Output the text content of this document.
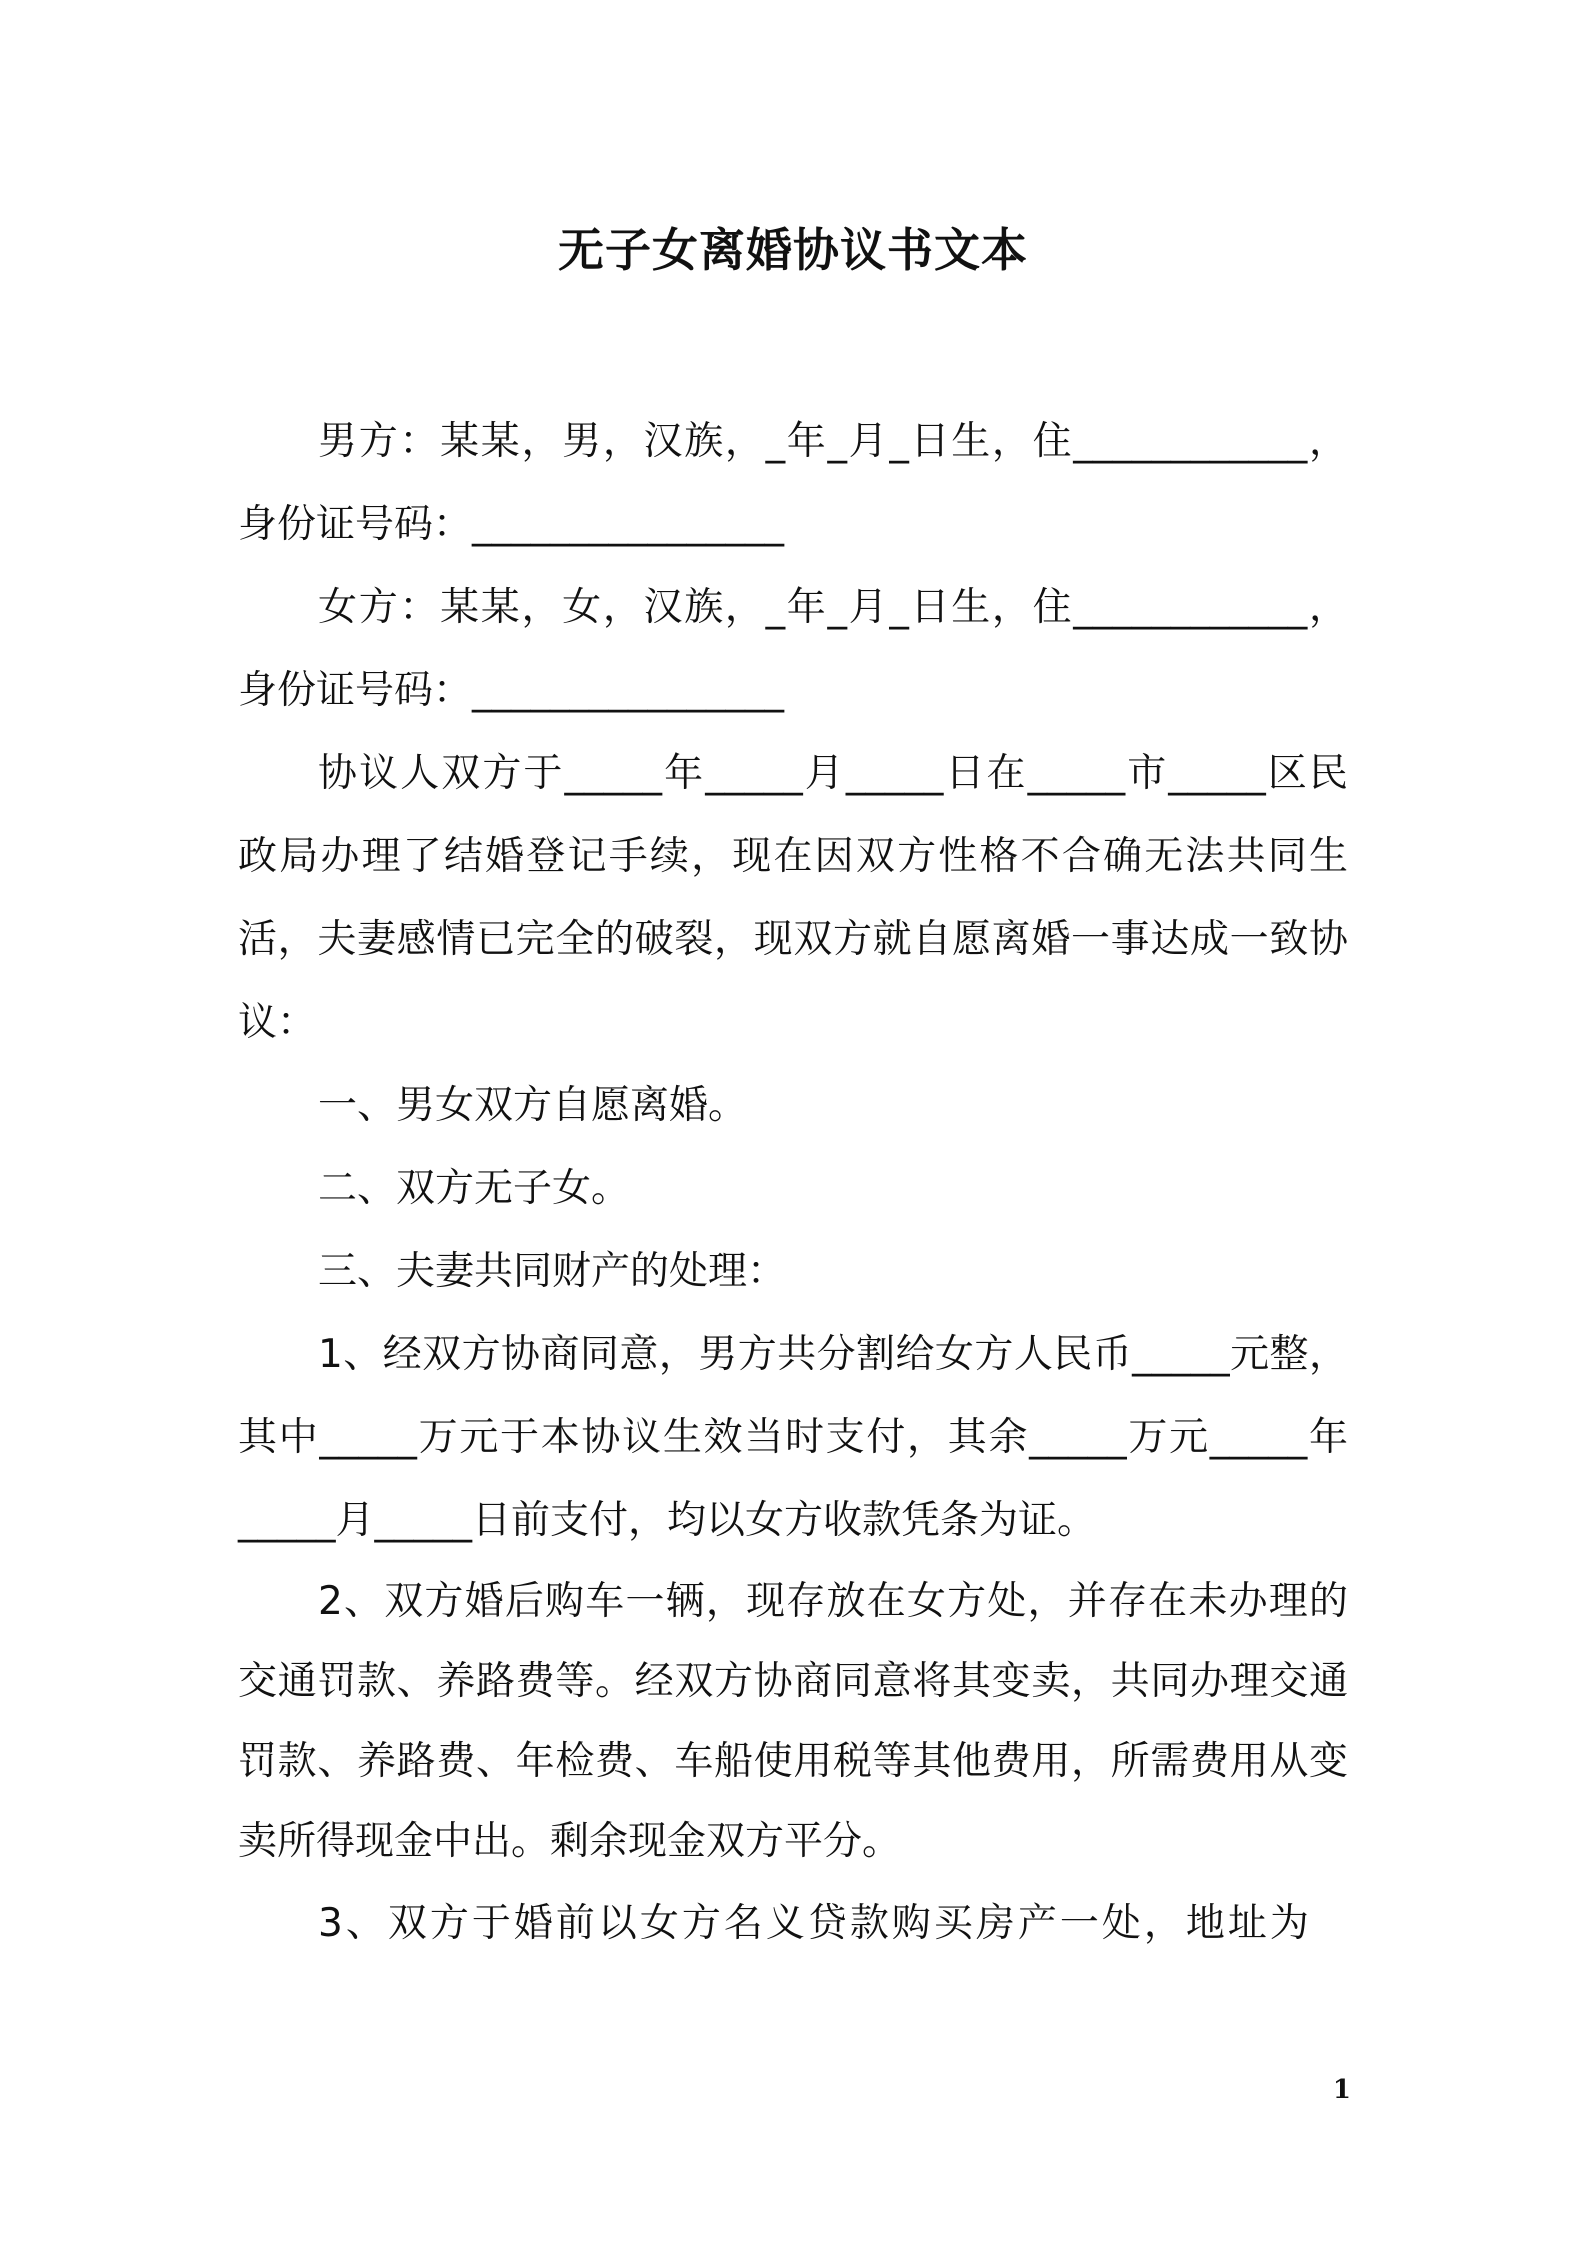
无子女离婚协议书文本

男方：某某，男，汉族，_年_月_日生，住____________，身份证号码：________________

女方：某某，女，汉族，_年_月_日生，住____________，身份证号码：________________

协议人双方于_____年_____月_____日在_____市_____区民政局办理了结婚登记手续，现在因双方性格不合确无法共同生活，夫妻感情已完全的破裂，现双方就自愿离婚一事达成一致协议：

一、男女双方自愿离婚。

二、双方无子女。

三、夫妻共同财产的处理：

1、经双方协商同意，男方共分割给女方人民币_____元整，其中_____万元于本协议生效当时支付，其余_____万元_____年_____月_____日前支付，均以女方收款凭条为证。

2、双方婚后购车一辆，现存放在女方处，并存在未办理的交通罚款、养路费等。经双方协商同意将其变卖，共同办理交通罚款、养路费、年检费、车船使用税等其他费用，所需费用从变卖所得现金中出。剩余现金双方平分。

3、双方于婚前以女方名义贷款购买房产一处，地址为

1
